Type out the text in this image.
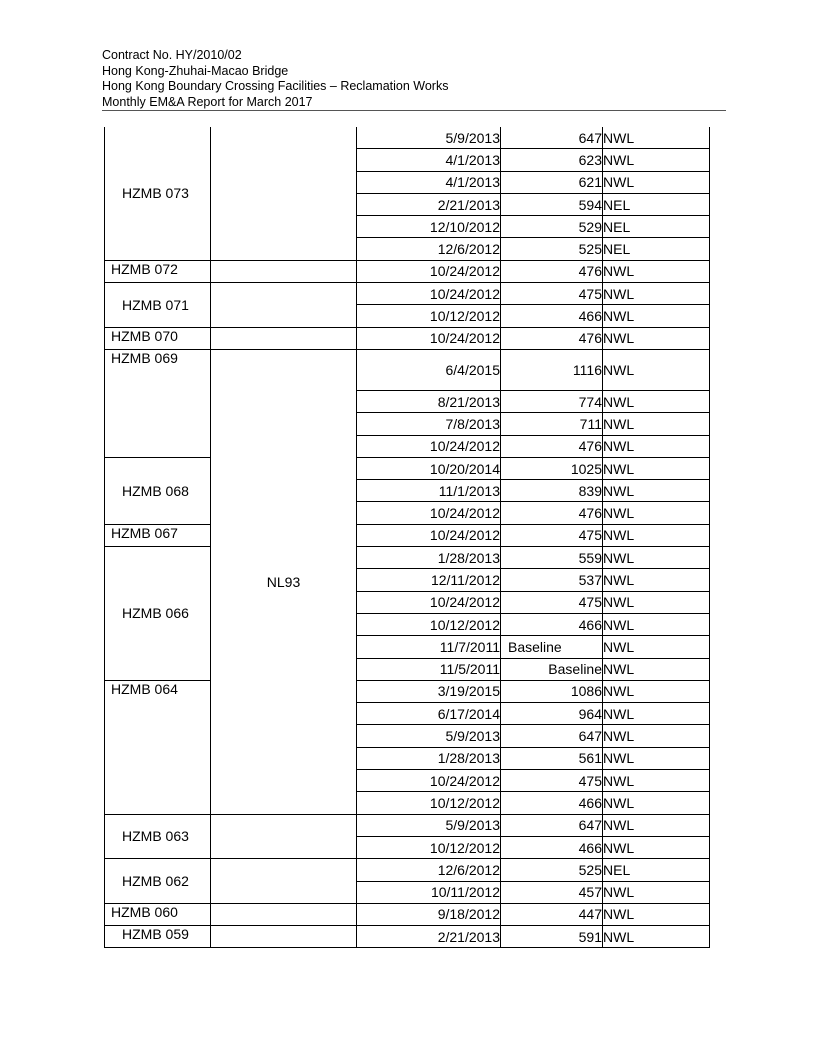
Contract No. HY/2010/02
Hong Kong-Zhuhai-Macao Bridge
Hong Kong Boundary Crossing Facilities – Reclamation Works
Monthly EM&A Report for March 2017
HZMB 073		5/9/2013	647	NWL
		4/1/2013	623	NWL
		4/1/2013	621	NWL
		2/21/2013	594	NEL
		12/10/2012	529	NEL
		12/6/2012	525	NEL
HZMB 072		10/24/2012	476	NWL
HZMB 071		10/24/2012	475	NWL
		10/12/2012	466	NWL
HZMB 070		10/24/2012	476	NWL
HZMB 069	NL93	6/4/2015	1116	NWL
		8/21/2013	774	NWL
		7/8/2013	711	NWL
		10/24/2012	476	NWL
HZMB 068		10/20/2014	1025	NWL
		11/1/2013	839	NWL
		10/24/2012	476	NWL
HZMB 067		10/24/2012	475	NWL
HZMB 066		1/28/2013	559	NWL
		12/11/2012	537	NWL
		10/24/2012	475	NWL
		10/12/2012	466	NWL
		11/7/2011	Baseline	NWL
		11/5/2011	Baseline	NWL
HZMB 064		3/19/2015	1086	NWL
		6/17/2014	964	NWL
		5/9/2013	647	NWL
		1/28/2013	561	NWL
		10/24/2012	475	NWL
		10/12/2012	466	NWL
HZMB 063		5/9/2013	647	NWL
		10/12/2012	466	NWL
HZMB 062		12/6/2012	525	NEL
		10/11/2012	457	NWL
HZMB 060		9/18/2012	447	NWL
HZMB 059		2/21/2013	591	NWL
